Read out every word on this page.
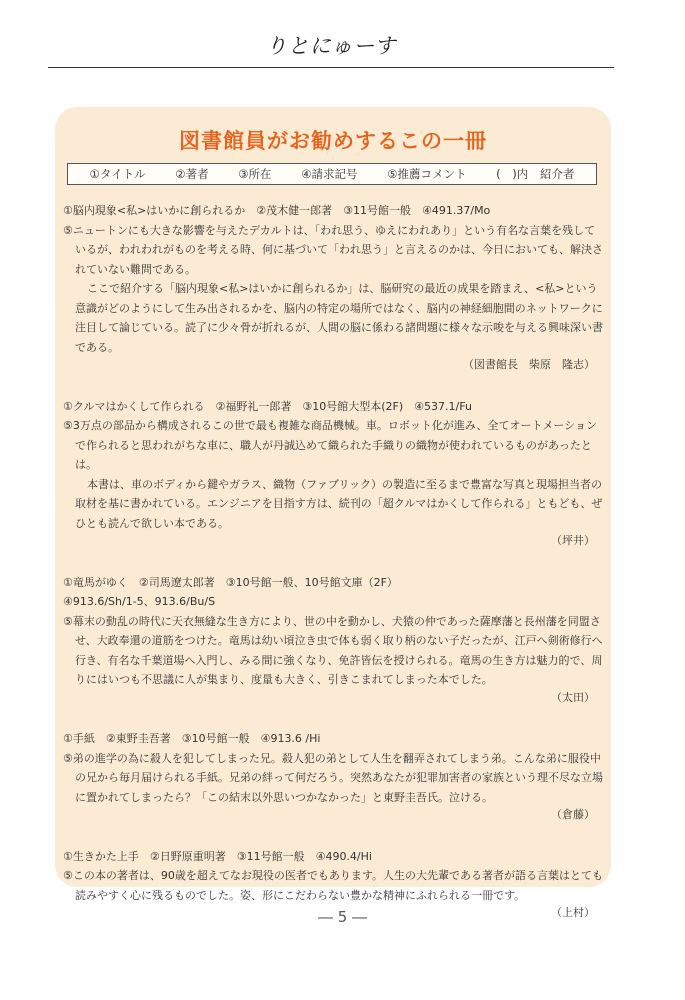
りとにゅーす
図書館員がお勧めするこの一冊
①タイトル	②著者	③所在	④請求記号	⑤推薦コメント	( )内 紹介者
①脳内現象<私>はいかに創られるか　②茂木健一郎著　③11号館一般　④491.37/Mo
⑤ニュートンにも大きな影響を与えたデカルトは、「われ思う、ゆえにわれあり」という有名な言葉を残しているが、われわれがものを考える時、何に基づいて「われ思う」と言えるのかは、今日においても、解決されていない難問である。
ここで紹介する「脳内現象<私>はいかに創られるか」は、脳研究の最近の成果を踏まえ、<私>という意識がどのようにして生み出されるかを、脳内の特定の場所ではなく、脳内の神経細胞間のネットワークに注目して論じている。読了に少々骨が折れるが、人間の脳に係わる諸問題に様々な示唆を与える興味深い書である。
（図書館長　柴原　隆志）
①クルマはかくして作られる　②福野礼一郎著　③10号館大型本(2F)　④537.1/Fu
⑤3万点の部品から構成されるこの世で最も複雑な商品機械。車。ロボット化が進み、全てオートメーションで作られると思われがちな車に、職人が丹誠込めて織られた手織りの織物が使われているものがあったとは。
本書は、車のボディから鍵やガラス、織物（ファブリック）の製造に至るまで豊富な写真と現場担当者の取材を基に書かれている。エンジニアを目指す方は、続刊の「超クルマはかくして作られる」ともども、ぜひとも読んで欲しい本である。
（坪井）
①竜馬がゆく　②司馬遼太郎著　③10号館一般、10号館文庫（2F）
④913.6/Sh/1-5、913.6/Bu/S
⑤幕末の動乱の時代に天衣無縫な生き方により、世の中を動かし、犬猿の仲であった薩摩藩と長州藩を同盟させ、大政奉還の道筋をつけた。竜馬は幼い頃泣き虫で体も弱く取り柄のない子だったが、江戸へ剣術修行へ行き、有名な千葉道場へ入門し、みる間に強くなり、免許皆伝を授けられる。竜馬の生き方は魅力的で、周りにはいつも不思議に人が集まり、度量も大きく、引きこまれてしまった本でした。
（太田）
①手紙　②東野圭吾著　③10号館一般　④913.6 /Hi
⑤弟の進学の為に殺人を犯してしまった兄。殺人犯の弟として人生を翻弄されてしまう弟。こんな弟に服役中の兄から毎月届けられる手紙。兄弟の絆って何だろう。突然あなたが犯罪加害者の家族という理不尽な立場に置かれてしまったら？「この結末以外思いつかなかった」と東野圭吾氏。泣ける。
（倉藤）
①生きかた上手　②日野原重明著　③11号館一般　④490.4/Hi
⑤この本の著者は、90歳を超えてなお現役の医者でもあります。人生の大先輩である著者が語る言葉はとても読みやすく心に残るものでした。姿、形にこだわらない豊かな精神にふれられる一冊です。
（上村）
― 5 ―
